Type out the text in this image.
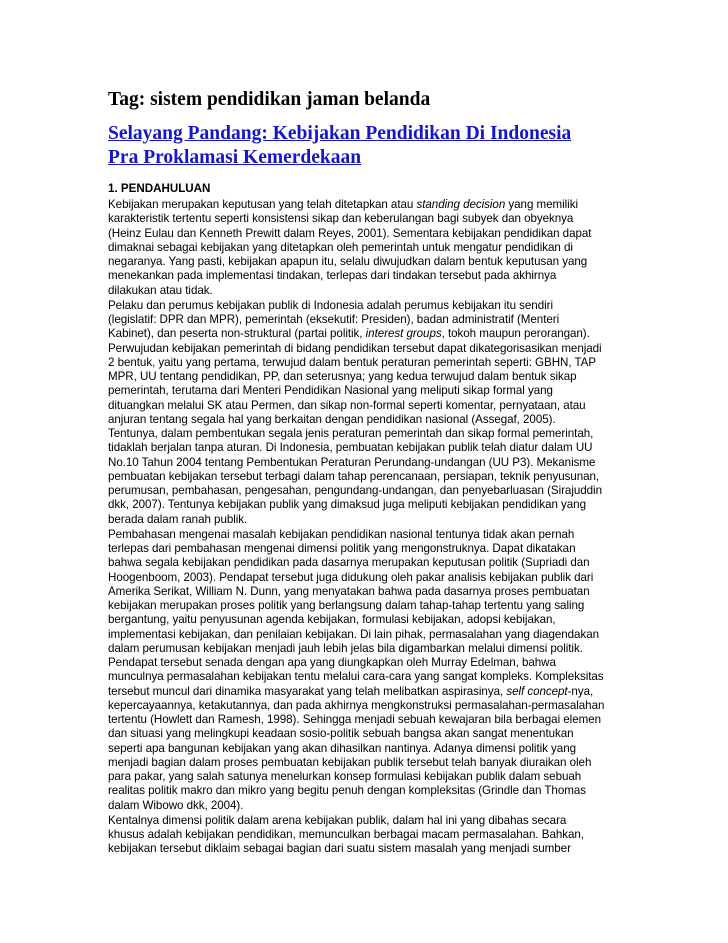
Tag: sistem pendidikan jaman belanda
Selayang Pandang: Kebijakan Pendidikan Di Indonesia
Pra Proklamasi Kemerdekaan
1. PENDAHULUAN
Kebijakan merupakan keputusan yang telah ditetapkan atau standing decision yang memiliki
karakteristik tertentu seperti konsistensi sikap dan keberulangan bagi subyek dan obyeknya
(Heinz Eulau dan Kenneth Prewitt dalam Reyes, 2001). Sementara kebijakan pendidikan dapat
dimaknai sebagai kebijakan yang ditetapkan oleh pemerintah untuk mengatur pendidikan di
negaranya. Yang pasti, kebijakan apapun itu, selalu diwujudkan dalam bentuk keputusan yang
menekankan pada implementasi tindakan, terlepas dari tindakan tersebut pada akhirnya
dilakukan atau tidak.
Pelaku dan perumus kebijakan publik di Indonesia adalah perumus kebijakan itu sendiri
(legislatif: DPR dan MPR), pemerintah (eksekutif: Presiden), badan administratif (Menteri
Kabinet), dan peserta non-struktural (partai politik, interest groups, tokoh maupun perorangan).
Perwujudan kebijakan pemerintah di bidang pendidikan tersebut dapat dikategorisasikan menjadi
2 bentuk, yaitu yang pertama, terwujud dalam bentuk peraturan pemerintah seperti: GBHN, TAP
MPR, UU tentang pendidikan, PP, dan seterusnya; yang kedua terwujud dalam bentuk sikap
pemerintah, terutama dari Menteri Pendidikan Nasional yang meliputi sikap formal yang
dituangkan melalui SK atau Permen, dan sikap non-formal seperti komentar, pernyataan, atau
anjuran tentang segala hal yang berkaitan dengan pendidikan nasional (Assegaf, 2005).
Tentunya, dalam pembentukan segala jenis peraturan pemerintah dan sikap formal pemerintah,
tidaklah berjalan tanpa aturan. Di Indonesia, pembuatan kebijakan publik telah diatur dalam UU
No.10 Tahun 2004 tentang Pembentukan Peraturan Perundang-undangan (UU P3). Mekanisme
pembuatan kebijakan tersebut terbagi dalam tahap perencanaan, persiapan, teknik penyusunan,
perumusan, pembahasan, pengesahan, pengundang-undangan, dan penyebarluasan (Sirajuddin
dkk, 2007). Tentunya kebijakan publik yang dimaksud juga meliputi kebijakan pendidikan yang
berada dalam ranah publik.
Pembahasan mengenai masalah kebijakan pendidikan nasional tentunya tidak akan pernah
terlepas dari pembahasan mengenai dimensi politik yang mengonstruknya. Dapat dikatakan
bahwa segala kebijakan pendidikan pada dasarnya merupakan keputusan politik (Supriadi dan
Hoogenboom, 2003). Pendapat tersebut juga didukung oleh pakar analisis kebijakan publik dari
Amerika Serikat, William N. Dunn, yang menyatakan bahwa pada dasarnya proses pembuatan
kebijakan merupakan proses politik yang berlangsung dalam tahap-tahap tertentu yang saling
bergantung, yaitu penyusunan agenda kebijakan, formulasi kebijakan, adopsi kebijakan,
implementasi kebijakan, dan penilaian kebijakan. Di lain pihak, permasalahan yang diagendakan
dalam perumusan kebijakan menjadi jauh lebih jelas bila digambarkan melalui dimensi politik.
Pendapat tersebut senada dengan apa yang diungkapkan oleh Murray Edelman, bahwa
munculnya permasalahan kebijakan tentu melalui cara-cara yang sangat kompleks. Kompleksitas
tersebut muncul dari dinamika masyarakat yang telah melibatkan aspirasinya, self concept-nya,
kepercayaannya, ketakutannya, dan pada akhirnya mengkonstruksi permasalahan-permasalahan
tertentu (Howlett dan Ramesh, 1998). Sehingga menjadi sebuah kewajaran bila berbagai elemen
dan situasi yang melingkupi keadaan sosio-politik sebuah bangsa akan sangat menentukan
seperti apa bangunan kebijakan yang akan dihasilkan nantinya. Adanya dimensi politik yang
menjadi bagian dalam proses pembuatan kebijakan publik tersebut telah banyak diuraikan oleh
para pakar, yang salah satunya menelurkan konsep formulasi kebijakan publik dalam sebuah
realitas politik makro dan mikro yang begitu penuh dengan kompleksitas (Grindle dan Thomas
dalam Wibowo dkk, 2004).
Kentalnya dimensi politik dalam arena kebijakan publik, dalam hal ini yang dibahas secara
khusus adalah kebijakan pendidikan, memunculkan berbagai macam permasalahan. Bahkan,
kebijakan tersebut diklaim sebagai bagian dari suatu sistem masalah yang menjadi sumber
